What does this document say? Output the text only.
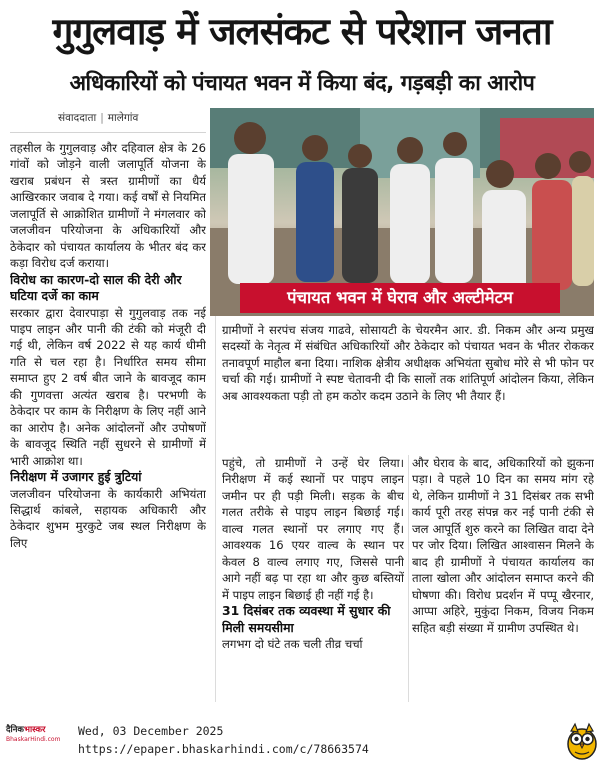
गुगुलवाड़ में जलसंकट से परेशान जनता
अधिकारियों को पंचायत भवन में किया बंद, गड़बड़ी का आरोप
संवाददाता | मालेगांव

तहसील के गुगुलवाड़ और दहिवाल क्षेत्र के 26 गांवों को जोड़ने वाली जलापूर्ति योजना के खराब प्रबंधन से त्रस्त ग्रामीणों का धैर्य आखिरकार जवाब दे गया। कई वर्षों से नियमित जलापूर्ति से आक्रोशित ग्रामीणों ने मंगलवार को जलजीवन परियोजना के अधिकारियों और ठेकेदार को पंचायत कार्यालय के भीतर बंद कर कड़ा विरोध दर्ज कराया।

विरोध का कारण-दो साल की देरी और घटिया दर्जे का काम

सरकार द्वारा देवारपाड़ा से गुगुलवाड़ तक नई पाइप लाइन और पानी की टंकी को मंजूरी दी गई थी, लेकिन वर्ष 2022 से यह कार्य धीमी गति से चल रहा है। निर्धारित समय सीमा समाप्त हुए 2 वर्ष बीत जाने के बावजूद काम की गुणवत्ता अत्यंत खराब है। परभणी के ठेकेदार पर काम के निरीक्षण के लिए नहीं आने का आरोप है। अनेक आंदोलनों और उपोषणों के बावजूद स्थिति नहीं सुधरने से ग्रामीणों में भारी आक्रोश था।

निरीक्षण में उजागर हुई त्रुटियां

जलजीवन परियोजना के कार्यकारी अभियंता सिद्धार्थ कांबले, सहायक अधिकारी और ठेकेदार शुभम मुरकुटे जब स्थल निरीक्षण के लिए

पंचायत भवन में घेराव और अल्टीमेटम

ग्रामीणों ने सरपंच संजय गाढवे, सोसायटी के चेयरमैन आर. डी. निकम और अन्य प्रमुख सदस्यों के नेतृत्व में संबंधित अधिकारियों और ठेकेदार को पंचायत भवन के भीतर रोककर तनावपूर्ण माहौल बना दिया। नाशिक क्षेत्रीय अधीक्षक अभियंता सुबोध मोरे से भी फोन पर चर्चा की गई। ग्रामीणों ने स्पष्ट चेतावनी दी कि सालों तक शांतिपूर्ण आंदोलन किया, लेकिन अब आवश्यकता पड़ी तो हम कठोर कदम उठाने के लिए भी तैयार हैं।

पहुंचे, तो ग्रामीणों ने उन्हें घेर लिया। निरीक्षण में कई स्थानों पर पाइप लाइन जमीन पर ही पड़ी मिली। सड़क के बीच गलत तरीके से पाइप लाइन बिछाई गई। वाल्व गलत स्थानों पर लगाए गए हैं। आवश्यक 16 एयर वाल्व के स्थान पर केवल 8 वाल्व लगाए गए, जिससे पानी आगे नहीं बढ़ पा रहा था और कुछ बस्तियों में पाइप लाइन बिछाई ही नहीं गई है।

31 दिसंबर तक व्यवस्था में सुधार की मिली समयसीमा

लगभग दो घंटे तक चली तीव्र चर्चा

और घेराव के बाद, अधिकारियों को झुकना पड़ा। वे पहले 10 दिन का समय मांग रहे थे, लेकिन ग्रामीणों ने 31 दिसंबर तक सभी कार्य पूरी तरह संपन्न कर नई पानी टंकी से जल आपूर्ति शुरु करने का लिखित वादा देने पर जोर दिया। लिखित आश्वासन मिलने के बाद ही ग्रामीणों ने पंचायत कार्यालय का ताला खोला और आंदोलन समाप्त करने की घोषणा की। विरोध प्रदर्शन में पप्पू खैरनार, आप्पा अहिरे, मुकुंदा निकम, विजय निकम सहित बड़ी संख्या में ग्रामीण उपस्थित थे।

दैनिकभास्कर
BhaskarHindi.com
Wed, 03 December 2025
https://epaper.bhaskarhindi.com/c/78663574
